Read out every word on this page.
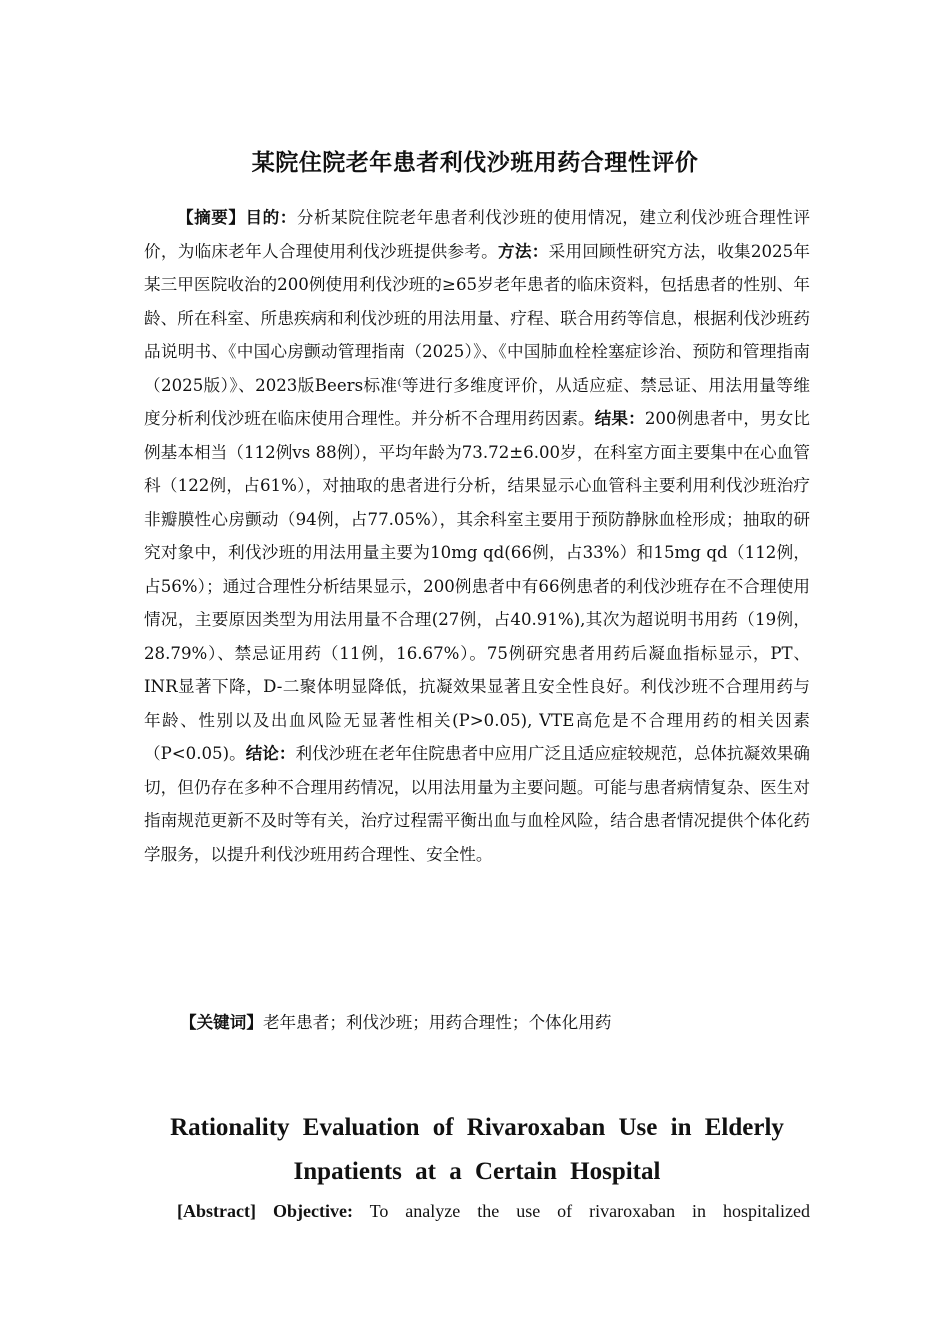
某院住院老年患者利伐沙班用药合理性评价
【摘要】目的：分析某院住院老年患者利伐沙班的使用情况，建立利伐沙班合理性评价，为临床老年人合理使用利伐沙班提供参考。方法：采用回顾性研究方法，收集2025年某三甲医院收治的200例使用利伐沙班的≥65岁老年患者的临床资料，包括患者的性别、年龄、所在科室、所患疾病和利伐沙班的用法用量、疗程、联合用药等信息，根据利伐沙班药品说明书、《中国心房颤动管理指南（2025）》、《中国肺血栓栓塞症诊治、预防和管理指南（2025版）》、2023版Beers标准⁽等进行多维度评价，从适应症、禁忌证、用法用量等维度分析利伐沙班在临床使用合理性。并分析不合理用药因素。结果：200例患者中，男女比例基本相当（112例vs 88例），平均年龄为73.72±6.00岁，在科室方面主要集中在心血管科（122例，占61%），对抽取的患者进行分析，结果显示心血管科主要利用利伐沙班治疗非瓣膜性心房颤动（94例，占77.05%），其余科室主要用于预防静脉血栓形成；抽取的研究对象中，利伐沙班的用法用量主要为10mg qd(66例，占33%）和15mg qd（112例，占56%）；通过合理性分析结果显示，200例患者中有66例患者的利伐沙班存在不合理使用情况，主要原因类型为用法用量不合理(27例，占40.91%),其次为超说明书用药（19例，28.79%）、禁忌证用药（11例，16.67%）。75例研究患者用药后凝血指标显示，PT、INR显著下降，D-二聚体明显降低，抗凝效果显著且安全性良好。利伐沙班不合理用药与年龄、性别以及出血风险无显著性相关(P>0.05), VTE高危是不合理用药的相关因素（P<0.05)。结论：利伐沙班在老年住院患者中应用广泛且适应症较规范，总体抗凝效果确切，但仍存在多种不合理用药情况，以用法用量为主要问题。可能与患者病情复杂、医生对指南规范更新不及时等有关，治疗过程需平衡出血与血栓风险，结合患者情况提供个体化药学服务，以提升利伐沙班用药合理性、安全性。
【关键词】老年患者；利伐沙班；用药合理性；个体化用药
Rationality Evaluation of Rivaroxaban Use in Elderly Inpatients at a Certain Hospital
[Abstract] Objective: To analyze the use of rivaroxaban in hospitalized
